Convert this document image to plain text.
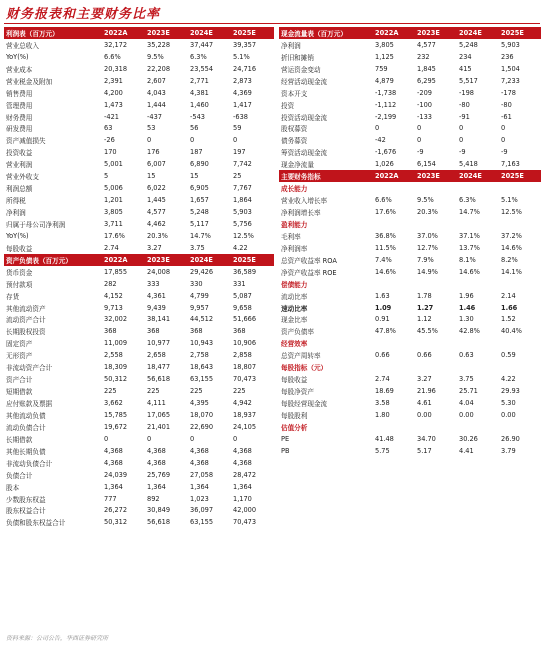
财务报表和主要财务比率
利润表（百万元）	2022A	2023E	2024E	2025E
营业总收入	32,172	35,228	37,447	39,357
YoY(%)	6.6%	9.5%	6.3%	5.1%
营业成本	20,318	22,208	23,554	24,716
营业税金及附加	2,391	2,607	2,771	2,873
销售费用	4,200	4,043	4,381	4,369
管理费用	1,473	1,444	1,460	1,417
财务费用	-421	-437	-543	-638
研发费用	63	53	56	59
资产减值损失	-26	0	0	0
投资收益	170	176	187	197
营业利润	5,001	6,007	6,890	7,742
营业外收支	5	15	15	25
利润总额	5,006	6,022	6,905	7,767
所得税	1,201	1,445	1,657	1,864
净利润	3,805	4,577	5,248	5,903
归属于母公司净利润	3,711	4,462	5,117	5,756
YoY(%)	17.6%	20.3%	14.7%	12.5%
每股收益	2.74	3.27	3.75	4.22
资产负债表（百万元）	2022A	2023E	2024E	2025E
货币资金	17,855	24,008	29,426	36,589
预付款项	282	333	330	331
存货	4,152	4,361	4,799	5,087
其他流动资产	9,713	9,439	9,957	9,658
流动资产合计	32,002	38,141	44,512	51,666
长期股权投资	368	368	368	368
固定资产	11,009	10,977	10,943	10,906
无形资产	2,558	2,658	2,758	2,858
非流动资产合计	18,309	18,477	18,643	18,807
资产合计	50,312	56,618	63,155	70,473
短期借款	225	225	225	225
应付账款及票据	3,662	4,111	4,395	4,942
其他流动负债	15,785	17,065	18,070	18,937
流动负债合计	19,672	21,401	22,690	24,105
长期借款	0	0	0	0
其他长期负债	4,368	4,368	4,368	4,368
非流动负债合计	4,368	4,368	4,368	4,368
负债合计	24,039	25,769	27,058	28,472
股本	1,364	1,364	1,364	1,364
少数股东权益	777	892	1,023	1,170
股东权益合计	26,272	30,849	36,097	42,000
负债和股东权益合计	50,312	56,618	63,155	70,473
现金流量表（百万元）	2022A	2023E	2024E	2025E
净利润	3,805	4,577	5,248	5,903
折旧和摊销	1,125	232	234	236
营运资金变动	759	1,845	415	1,504
经营活动现金流	4,879	6,295	5,517	7,233
资本开支	-1,738	-209	-198	-178
投资	-1,112	-100	-80	-80
投资活动现金流	-2,199	-133	-91	-61
股权募资	0	0	0	0
债务募资	-42	0	0	0
筹资活动现金流	-1,676	-9	-9	-9
现金净流量	1,026	6,154	5,418	7,163
主要财务指标	2022A	2023E	2024E	2025E
成长能力
营业收入增长率	6.6%	9.5%	6.3%	5.1%
净利润增长率	17.6%	20.3%	14.7%	12.5%
盈利能力
毛利率	36.8%	37.0%	37.1%	37.2%
净利润率	11.5%	12.7%	13.7%	14.6%
总资产收益率 ROA	7.4%	7.9%	8.1%	8.2%
净资产收益率 ROE	14.6%	14.9%	14.6%	14.1%
偿债能力
流动比率	1.63	1.78	1.96	2.14
速动比率	1.09	1.27	1.46	1.66
现金比率	0.91	1.12	1.30	1.52
资产负债率	47.8%	45.5%	42.8%	40.4%
经营效率
总资产周转率	0.66	0.66	0.63	0.59
每股指标（元）
每股收益	2.74	3.27	3.75	4.22
每股净资产	18.69	21.96	25.71	29.93
每股经营现金流	3.58	4.61	4.04	5.30
每股股利	1.80	0.00	0.00	0.00
估值分析
PE	41.48	34.70	30.26	26.90
PB	5.75	5.17	4.41	3.79
资料来源：公司公告，华西证券研究所
